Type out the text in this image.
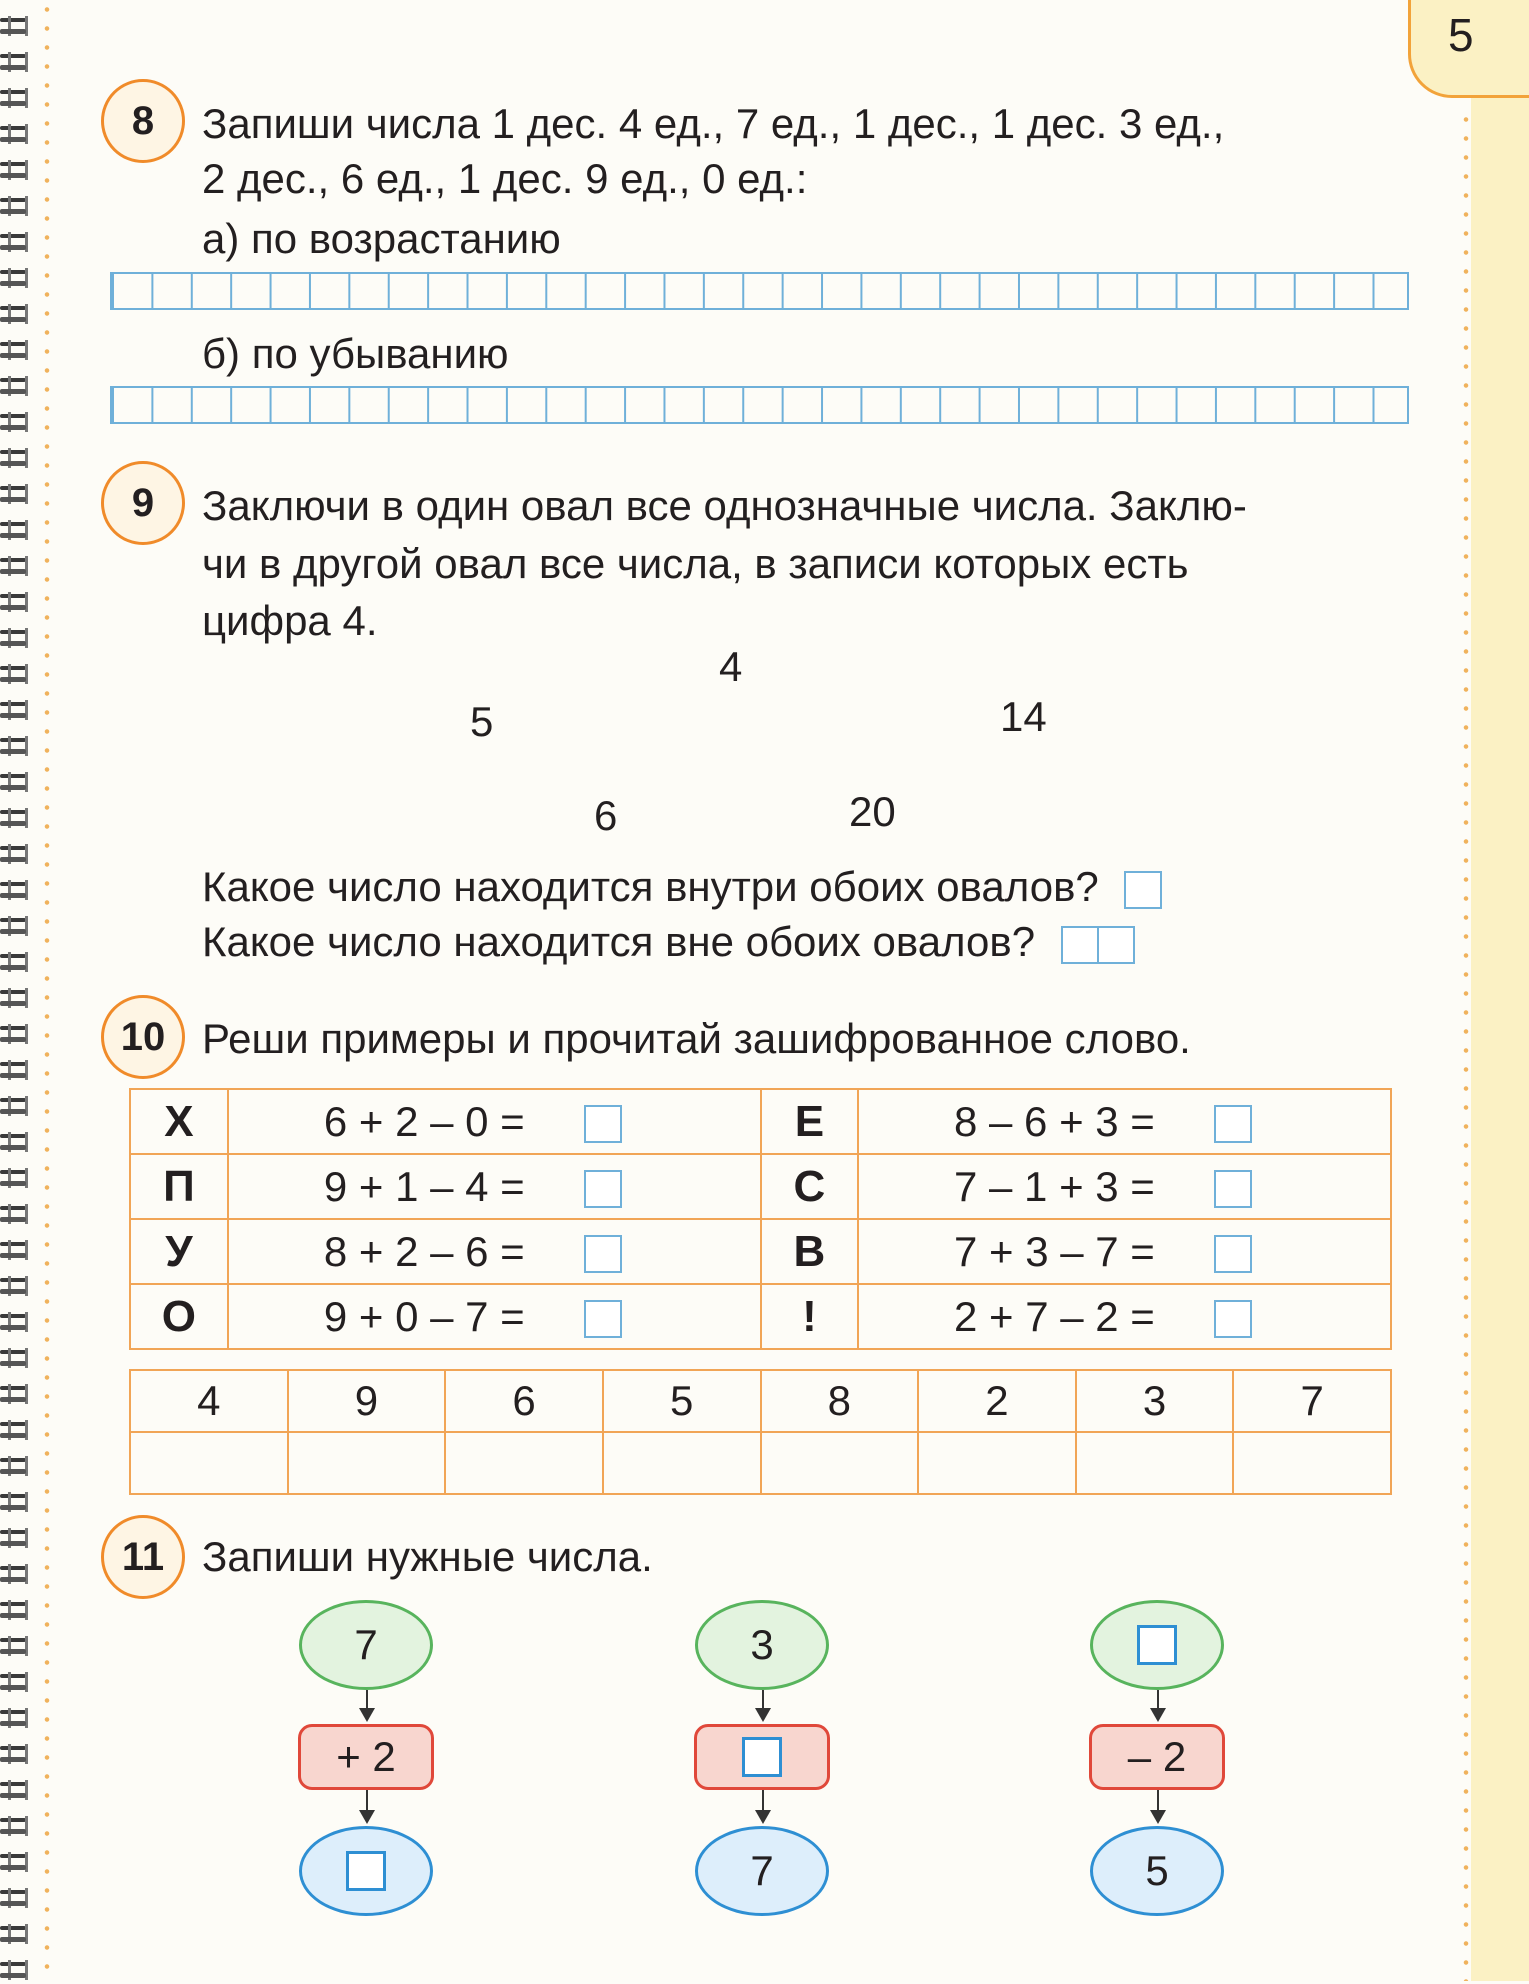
5
8	Запиши числа 1 дес. 4 ед., 7 ед., 1 дес., 1 дес. 3 ед.,
2 дес., 6 ед., 1 дес. 9 ед., 0 ед.:
а) по возрастанию
б) по убыванию
9	Заключи в один овал все однозначные числа. Заклю-
чи в другой овал все числа, в записи которых есть
цифра 4.
4
5	14
6	20
Какое число находится внутри обоих овалов?
Какое число находится вне обоих овалов?
10 Реши примеры и прочитай зашифрованное слово.
Х	6 + 2 – 0 =	Е	8 – 6 + 3 =
П	9 + 1 – 4 =	С	7 – 1 + 3 =
У	8 + 2 – 6 =	В	7 + 3 – 7 =
О	9 + 0 – 7 =	!	2 + 7 – 2 =
4	9	6	5	8	2	3	7

11 Запиши нужные числа.
7
+ 2
3
7
– 2
5
